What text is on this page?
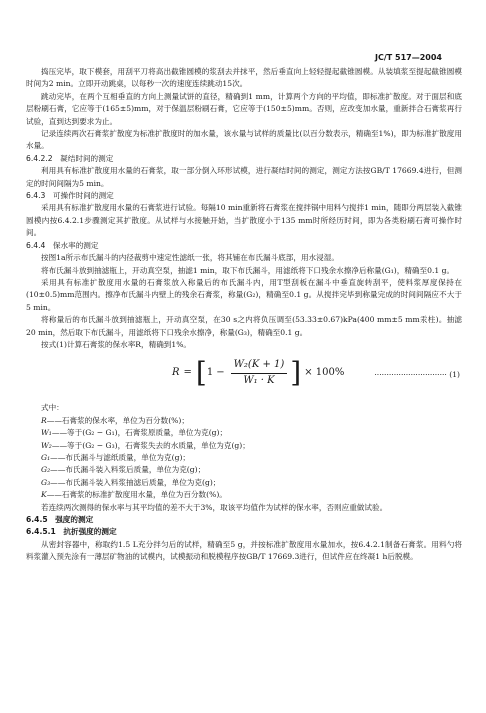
JC/T 517—2004

捣压完毕，取下模套，用刮平刀将高出截锥圆模的浆刮去并抹平，然后垂直向上轻轻提起截锥圆模。从装填浆至提起截锥圆模时间为2 min。立即开动跳桌，以每秒一次的速度连续跳动15次。

跳动完毕，在两个互相垂直的方向上测量试饼的直径，精确到1 mm，计算两个方向的平均值，即标准扩散度。对于面层和底层粉刷石膏，它应等于(165±5)mm，对于保温层粉刷石膏，它应等于(150±5)mm。否则，应改变加水量，重新拌合石膏浆再行试验，直到达到要求为止。

记录连续两次石膏浆扩散度为标准扩散度时的加水量，该水量与试样的质量比(以百分数表示，精确至1%)，即为标准扩散度用水量。

6.4.2.2　凝结时间的测定

利用具有标准扩散度用水量的石膏浆，取一部分倒入环形试模，进行凝结时间的测定，测定方法按GB/T 17669.4进行，但测定的时间间隔为5 min。

6.4.3　可操作时间的测定

采用具有标准扩散度用水量的石膏浆进行试验。每隔10 min重新将石膏浆在搅拌锅中用料勺搅拌1 min，随即分两层装入截锥圆模内按6.4.2.1步骤测定其扩散度。从试样与水接触开始，当扩散度小于135 mm时所经历时间，即为各类粉刷石膏可操作时间。

6.4.4　保水率的测定

按图1a所示布氏漏斗的内径裁剪中速定性滤纸一张，将其铺在布氏漏斗底部，用水浸湿。

将布氏漏斗放到抽滤瓶上，开动真空泵，抽滤1 min，取下布氏漏斗，用滤纸将下口残余水擦净后称量(G₁)，精确至0.1 g。

采用具有标准扩散度用水量的石膏浆放入称量后的布氏漏斗内，用T型刮板在漏斗中垂直旋转刮平，使料浆厚度保持在(10±0.5)mm范围内。擦净布氏漏斗内壁上的残余石膏浆，称量(G₂)，精确至0.1 g。从搅拌完毕到称量完成的时间间隔应不大于5 min。

将称量后的布氏漏斗放到抽滤瓶上，开动真空泵，在30 s之内将负压调至(53.33±0.67)kPa(400 mm±5 mm汞柱)。抽滤20 min，然后取下布氏漏斗，用滤纸将下口残余水擦净，称量(G₃)，精确至0.1 g。

按式(1)计算石膏浆的保水率R，精确到1%。

R = [ $1 - \frac{\text{W₂(K + 1)}}{\text{W₁ · K}}$ ] × 100%	······························ (1)

式中：

R ——石膏浆的保水率，单位为百分数(%)；
W₁ ——等于(G₂ − G₁)，石膏浆原质量，单位为克(g)；
W₂ ——等于(G₂ − G₃)，石膏浆失去的水质量，单位为克(g)；
G₁ ——布氏漏斗与滤纸质量，单位为克(g)；
G₂ ——布氏漏斗装入料浆后质量，单位为克(g)；
G₃ ——布氏漏斗装入料浆抽滤后质量，单位为克(g)；
K ——石膏浆的标准扩散度用水量，单位为百分数(%)。

若连续两次测得的保水率与其平均值的差不大于3%，取该平均值作为试样的保水率，否则应重做试验。

6.4.5　强度的测定

6.4.5.1　抗折强度的测定

从密封容器中，称取约1.5 L充分拌匀后的试样，精确至5 g，并按标准扩散度用水量加水，按6.4.2.1制备石膏浆。用料勺将料浆灌入预先涂有一薄层矿物油的试模内，试模振动和脱模程序按GB/T 17669.3进行，但试件应在终凝1 h后脱模。
